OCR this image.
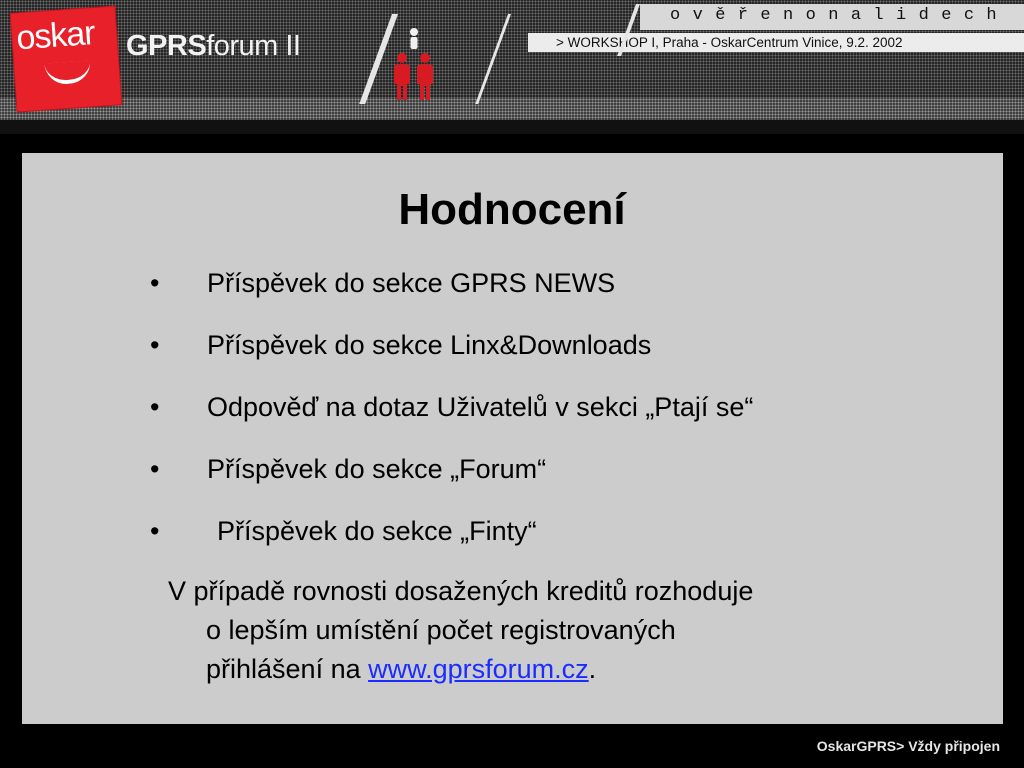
ověřenonalidech
> WORKSHOP I, Praha - OskarCentrum Vinice, 9.2. 2002
oskar GPRSforum II
Hodnocení
•	Příspěvek do sekce GPRS NEWS
•	Příspěvek do sekce Linx&Downloads
•	Odpověď na dotaz Uživatelů v sekci „Ptají se“
•	Příspěvek do sekce „Forum“
•	Příspěvek do sekce „Finty“

V případě rovnosti dosažených kreditů rozhoduje
o lepším umístění počet registrovaných
přihlášení na www.gprsforum.cz.

OskarGPRS> Vždy připojen
